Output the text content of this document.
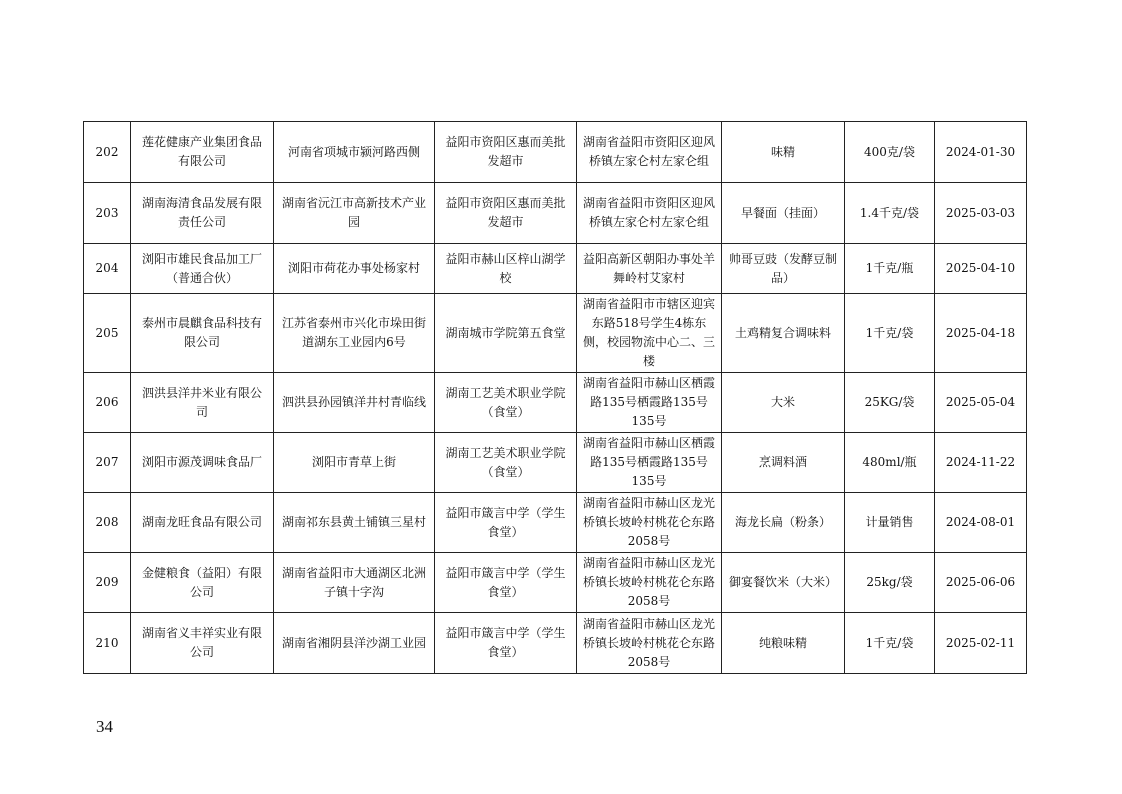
202	莲花健康产业集团食品有限公司	河南省项城市颍河路西侧	益阳市资阳区惠而美批发超市	湖南省益阳市资阳区迎风桥镇左家仑村左家仑组	味精	400克/袋	2024-01-30
203	湖南海清食品发展有限责任公司	湖南省沅江市高新技术产业园	益阳市资阳区惠而美批发超市	湖南省益阳市资阳区迎风桥镇左家仑村左家仑组	早餐面（挂面）	1.4千克/袋	2025-03-03
204	浏阳市雄民食品加工厂（普通合伙）	浏阳市荷花办事处杨家村	益阳市赫山区梓山湖学校	益阳高新区朝阳办事处羊舞岭村艾家村	帅哥豆豉（发酵豆制品）	1千克/瓶	2025-04-10
205	泰州市晨麒食品科技有限公司	江苏省泰州市兴化市垛田街道湖东工业园内6号	湖南城市学院第五食堂	湖南省益阳市市辖区迎宾东路518号学生4栋东侧，校园物流中心二、三楼	土鸡精复合调味料	1千克/袋	2025-04-18
206	泗洪县洋井米业有限公司	泗洪县孙园镇洋井村青临线	湖南工艺美术职业学院（食堂）	湖南省益阳市赫山区栖霞路135号栖霞路135号135号	大米	25KG/袋	2025-05-04
207	浏阳市源茂调味食品厂	浏阳市青草上街	湖南工艺美术职业学院（食堂）	湖南省益阳市赫山区栖霞路135号栖霞路135号135号	烹调料酒	480ml/瓶	2024-11-22
208	湖南龙旺食品有限公司	湖南祁东县黄土铺镇三星村	益阳市箴言中学（学生食堂）	湖南省益阳市赫山区龙光桥镇长坡岭村桃花仑东路2058号	海龙长扁（粉条）	计量销售	2024-08-01
209	金健粮食（益阳）有限公司	湖南省益阳市大通湖区北洲子镇十字沟	益阳市箴言中学（学生食堂）	湖南省益阳市赫山区龙光桥镇长坡岭村桃花仑东路2058号	御宴餐饮米（大米）	25kg/袋	2025-06-06
210	湖南省义丰祥实业有限公司	湖南省湘阴县洋沙湖工业园	益阳市箴言中学（学生食堂）	湖南省益阳市赫山区龙光桥镇长坡岭村桃花仑东路2058号	纯粮味精	1千克/袋	2025-02-11
34
